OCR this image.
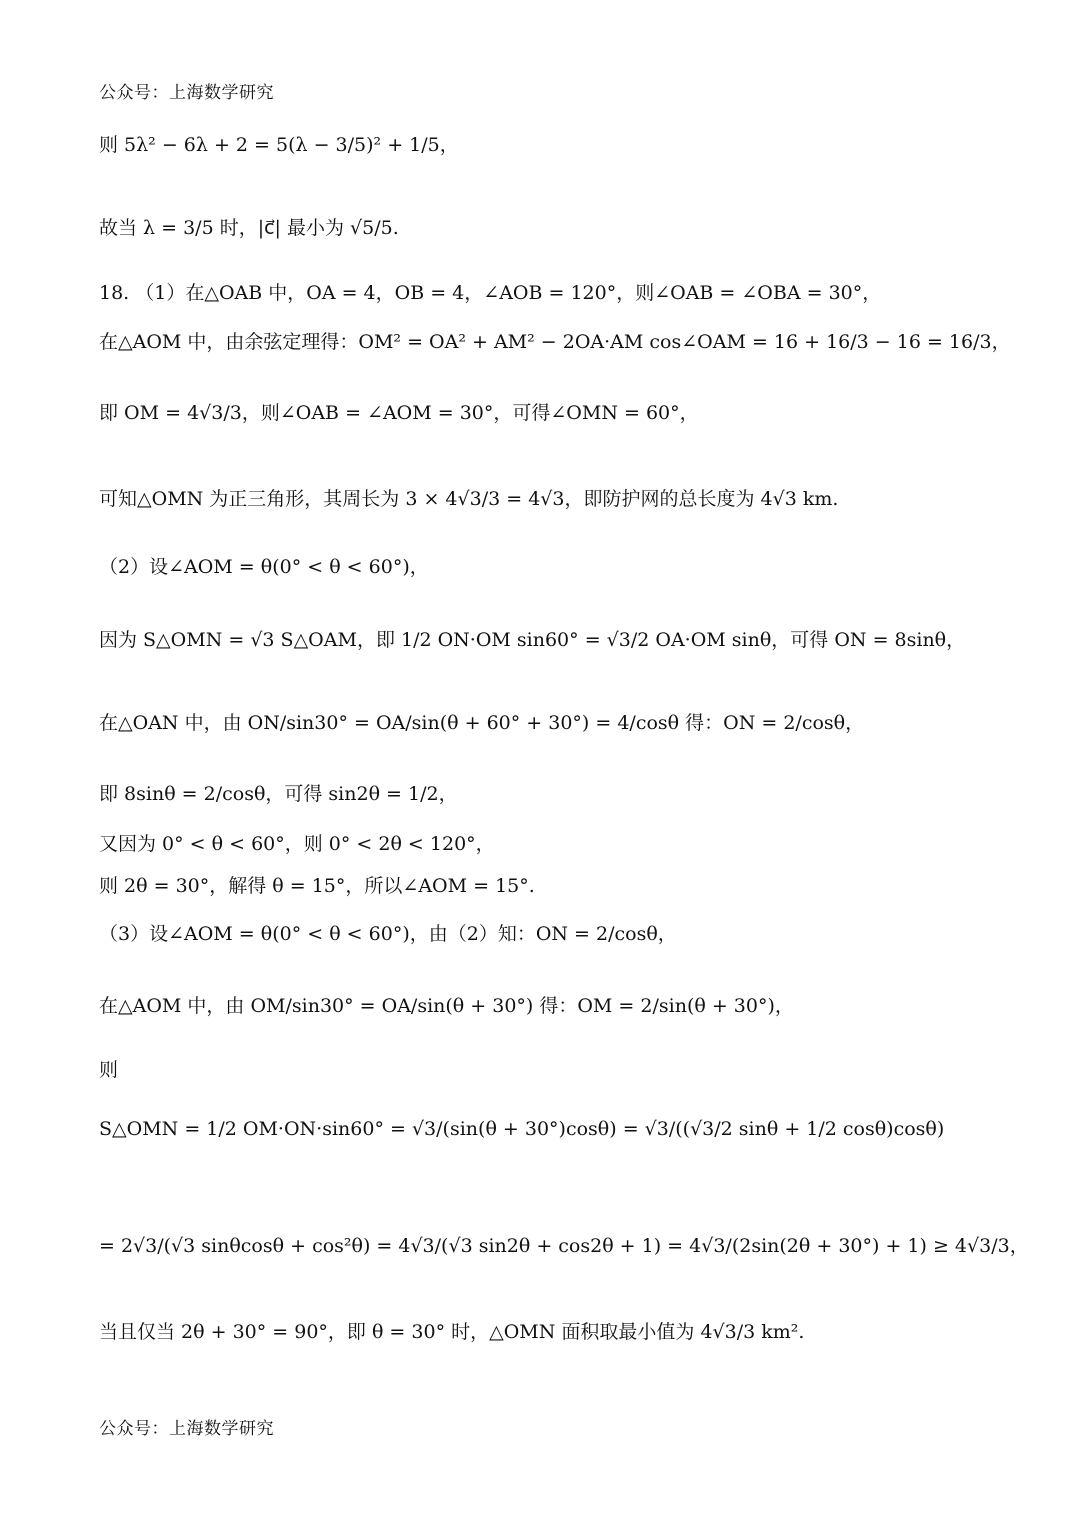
公众号：上海数学研究
则 5λ² − 6λ + 2 = 5(λ − 3/5)² + 1/5，
故当 λ = 3/5 时，|c⃗| 最小为 √5/5.
18. （1）在△OAB 中，OA = 4，OB = 4，∠AOB = 120°，则∠OAB = ∠OBA = 30°，
在△AOM 中，由余弦定理得：OM² = OA² + AM² − 2OA·AM cos∠OAM = 16 + 16/3 − 16 = 16/3，
即 OM = 4√3/3，则∠OAB = ∠AOM = 30°，可得∠OMN = 60°，
可知△OMN 为正三角形，其周长为 3 × 4√3/3 = 4√3，即防护网的总长度为 4√3 km.
（2）设∠AOM = θ(0° < θ < 60°)，
因为 S△OMN = √3 S△OAM，即 1/2 ON·OM sin60° = √3/2 OA·OM sinθ，可得 ON = 8sinθ，
在△OAN 中，由 ON/sin30° = OA/sin(θ + 60° + 30°) = 4/cosθ 得：ON = 2/cosθ，
即 8sinθ = 2/cosθ，可得 sin2θ = 1/2，
又因为 0° < θ < 60°，则 0° < 2θ < 120°，
则 2θ = 30°，解得 θ = 15°，所以∠AOM = 15°.
（3）设∠AOM = θ(0° < θ < 60°)，由（2）知：ON = 2/cosθ，
在△AOM 中，由 OM/sin30° = OA/sin(θ + 30°) 得：OM = 2/sin(θ + 30°)，
则
S△OMN = 1/2 OM·ON·sin60° = √3/(sin(θ + 30°)cosθ) = √3/((√3/2 sinθ + 1/2 cosθ)cosθ)
= 2√3/(√3 sinθcosθ + cos²θ) = 4√3/(√3 sin2θ + cos2θ + 1) = 4√3/(2sin(2θ + 30°) + 1) ≥ 4√3/3，
当且仅当 2θ + 30° = 90°，即 θ = 30° 时，△OMN 面积取最小值为 4√3/3 km².
公众号：上海数学研究
